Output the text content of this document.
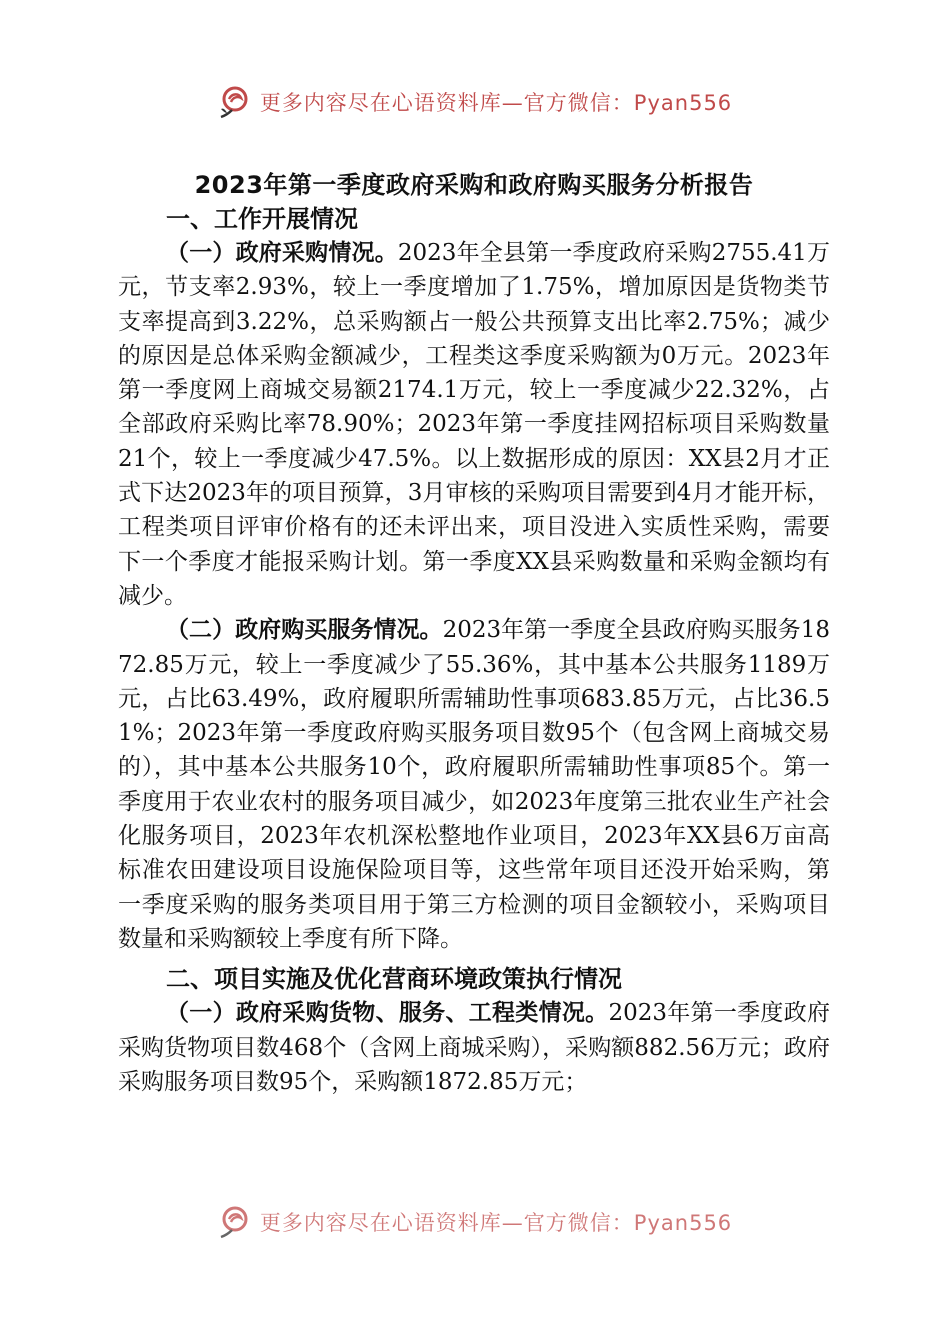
更多内容尽在心语资料库—官方微信：Pyan556
2023年第一季度政府采购和政府购买服务分析报告
一、工作开展情况

（一）政府采购情况。2023年全县第一季度政府采购2755.41万元，节支率2.93%，较上一季度增加了1.75%，增加原因是货物类节支率提高到3.22%，总采购额占一般公共预算支出比率2.75%；减少的原因是总体采购金额减少，工程类这季度采购额为0万元。2023年第一季度网上商城交易额2174.1万元，较上一季度减少22.32%，占全部政府采购比率78.90%；2023年第一季度挂网招标项目采购数量21个，较上一季度减少47.5%。以上数据形成的原因：XX县2月才正式下达2023年的项目预算，3月审核的采购项目需要到4月才能开标，工程类项目评审价格有的还未评出来，项目没进入实质性采购，需要下一个季度才能报采购计划。第一季度XX县采购数量和采购金额均有减少。

（二）政府购买服务情况。2023年第一季度全县政府购买服务1872.85万元，较上一季度减少了55.36%，其中基本公共服务1189万元，占比63.49%，政府履职所需辅助性事项683.85万元，占比36.51%；2023年第一季度政府购买服务项目数95个（包含网上商城交易的），其中基本公共服务10个，政府履职所需辅助性事项85个。第一季度用于农业农村的服务项目减少，如2023年度第三批农业生产社会化服务项目，2023年农机深松整地作业项目，2023年XX县6万亩高标准农田建设项目设施保险项目等，这些常年项目还没开始采购，第一季度采购的服务类项目用于第三方检测的项目金额较小，采购项目数量和采购额较上季度有所下降。

二、项目实施及优化营商环境政策执行情况

（一）政府采购货物、服务、工程类情况。2023年第一季度政府采购货物项目数468个（含网上商城采购），采购额882.56万元；政府采购服务项目数95个，采购额1872.85万元；

更多内容尽在心语资料库—官方微信：Pyan556
